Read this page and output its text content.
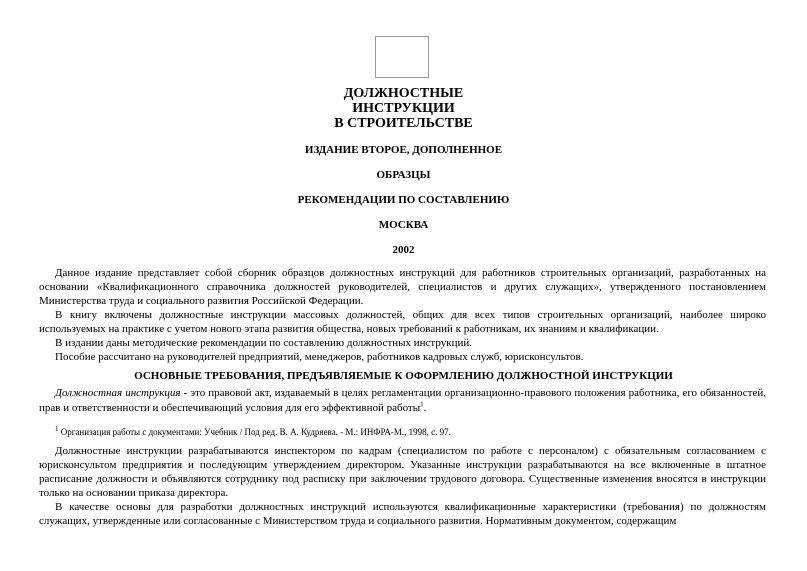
ДОЛЖНОСТНЫЕ
ИНСТРУКЦИИ
В СТРОИТЕЛЬСТВЕ
ИЗДАНИЕ ВТОРОЕ, ДОПОЛНЕННОЕ
ОБРАЗЦЫ
РЕКОМЕНДАЦИИ ПО СОСТАВЛЕНИЮ
МОСКВА
2002

Данное издание представляет собой сборник образцов должностных инструкций для работников строительных организаций, разработанных на основании «Квалификационного справочника должностей руководителей, специалистов и других служащих», утвержденного постановлением Министерства труда и социального развития Российской Федерации.

В книгу включены должностные инструкции массовых должностей, общих для всех типов строительных организаций, наиболее широко используемых на практике с учетом нового этапа развития общества, новых требований к работникам, их знаниям и квалификации.

В издании даны методические рекомендации по составлению должностных инструкций.

Пособие рассчитано на руководителей предприятий, менеджеров, работников кадровых служб, юрисконсультов.

ОСНОВНЫЕ ТРЕБОВАНИЯ, ПРЕДЪЯВЛЯЕМЫЕ К ОФОРМЛЕНИЮ ДОЛЖНОСТНОЙ ИНСТРУКЦИИ

Должностная инструкция - это правовой акт, издаваемый в целях регламентации организационно-правового положения работника, его обязанностей, прав и ответственности и обеспечивающий условия для его эффективной работы$^1$.

$^1$ Организация работы с документами: Учебник / Под ред. В. А. Кудряева. - М.: ИНФРА-М., 1998, с. 97.

Должностные инструкции разрабатываются инспектором по кадрам (специалистом по работе с персоналом) с обязательным согласованием с юрисконсультом предприятия и последующим утверждением директором. Указанные инструкции разрабатываются на все включенные в штатное расписание должности и объявляются сотруднику под расписку при заключении трудового договора. Существенные изменения вносятся в инструкции только на основании приказа директора.

В качестве основы для разработки должностных инструкций используются квалификационные характеристики (требования) по должностям служащих, утвержденные или согласованные с Министерством труда и социального развития. Нормативным документом, содержащим
